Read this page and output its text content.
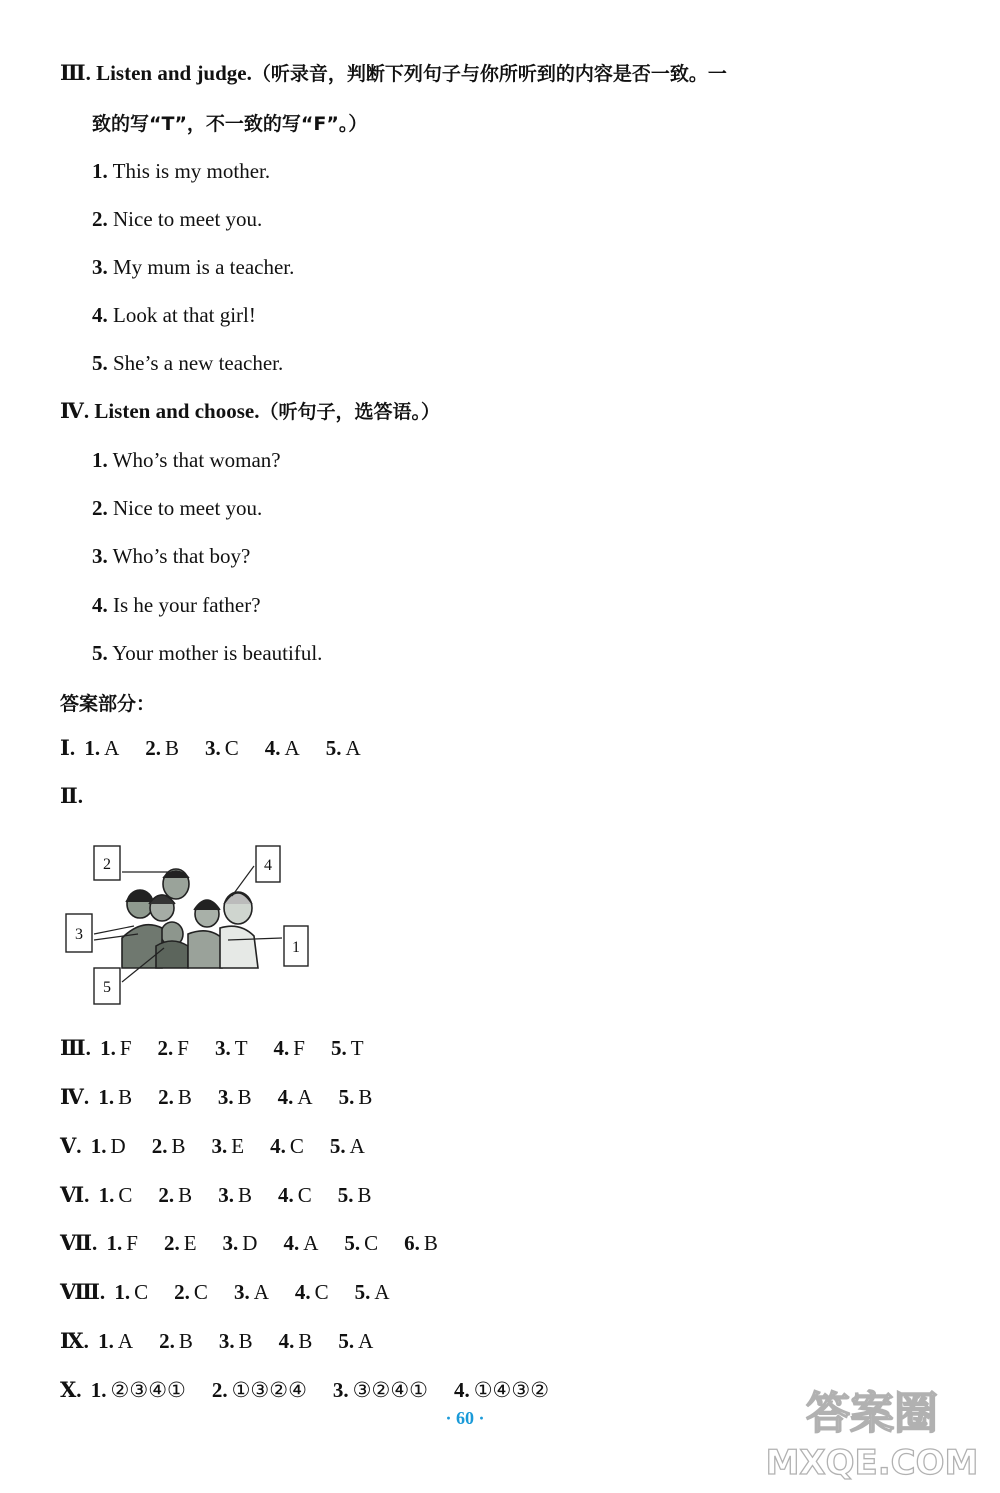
Ⅲ. Listen and judge.（听录音，判断下列句子与你所听到的内容是否一致。一
致的写“T”，不一致的写“F”。）
1. This is my mother.
2. Nice to meet you.
3. My mum is a teacher.
4. Look at that girl!
5. She’s a new teacher.
Ⅳ. Listen and choose.（听句子，选答语。）
1. Who’s that woman?
2. Nice to meet you.
3. Who’s that boy?
4. Is he your father?
5. Your mother is beautiful.
答案部分：
Ⅰ. 1. A 2. B 3. C 4. A 5. A
Ⅱ.
Ⅲ. 1. F 2. F 3. T 4. F 5. T
Ⅳ. 1. B 2. B 3. B 4. A 5. B
Ⅴ. 1. D 2. B 3. E 4. C 5. A
Ⅵ. 1. C 2. B 3. B 4. C 5. B
Ⅶ. 1. F 2. E 3. D 4. A 5. C 6. B
Ⅷ. 1. C 2. C 3. A 4. C 5. A
Ⅸ. 1. A 2. B 3. B 4. B 5. A
Ⅹ. 1. ②③④① 2. ①③②④ 3. ③②④① 4. ①④③②
2	4
3
1
5
· 60 ·	答案圈
MXQE.COM
